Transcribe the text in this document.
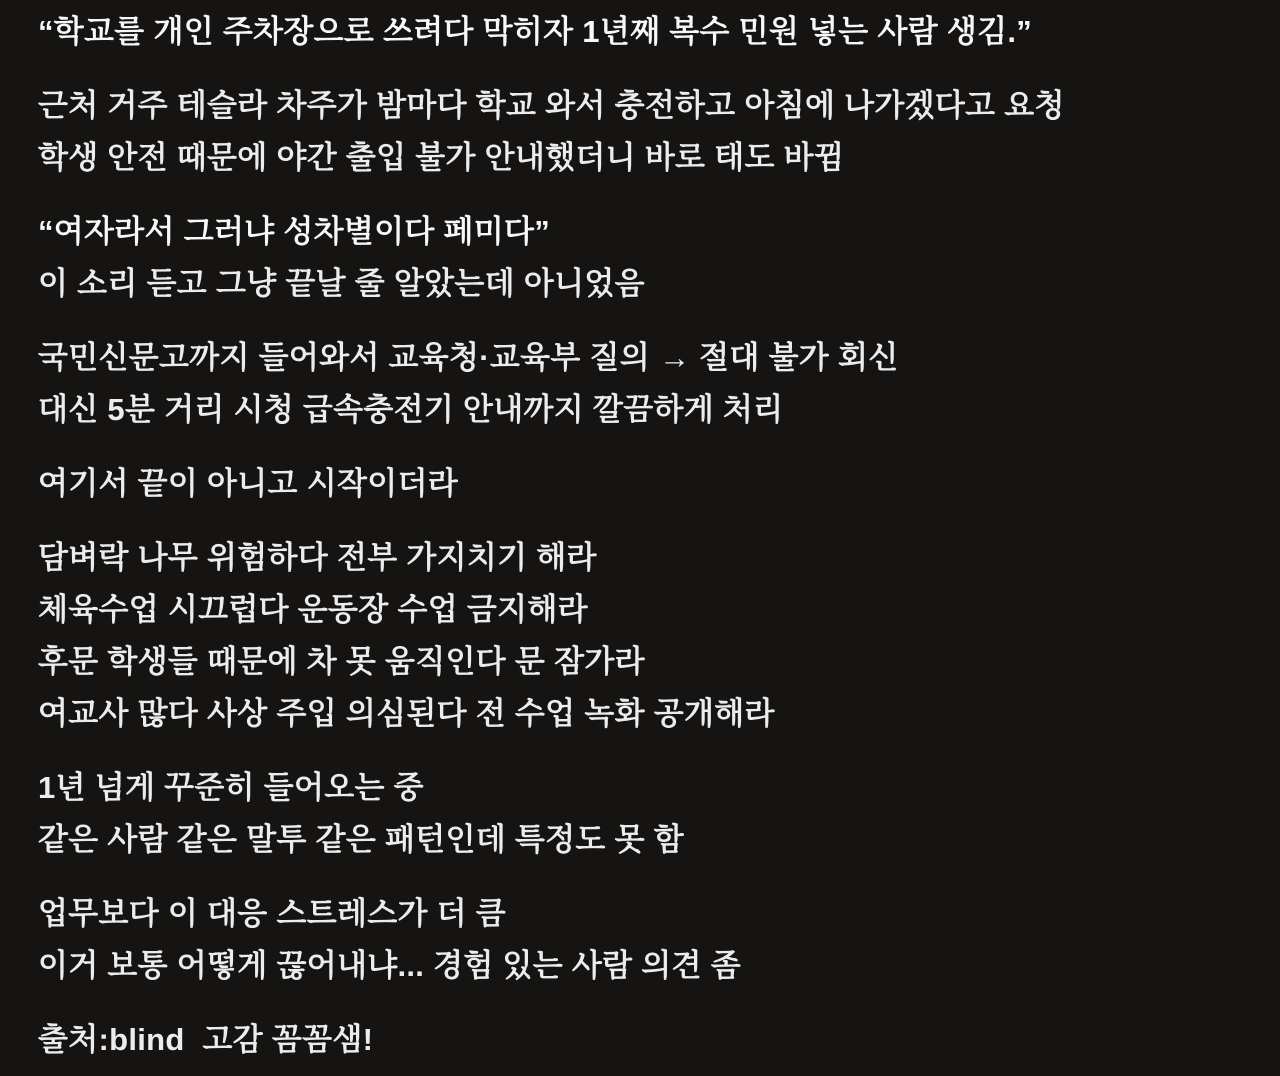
“학교를 개인 주차장으로 쓰려다 막히자 1년째 복수 민원 넣는 사람 생김.”

근처 거주 테슬라 차주가 밤마다 학교 와서 충전하고 아침에 나가겠다고 요청

학생 안전 때문에 야간 출입 불가 안내했더니 바로 태도 바뀜

“여자라서 그러냐 성차별이다 페미다”

이 소리 듣고 그냥 끝날 줄 알았는데 아니었음

국민신문고까지 들어와서 교육청·교육부 질의 → 절대 불가 회신

대신 5분 거리 시청 급속충전기 안내까지 깔끔하게 처리

여기서 끝이 아니고 시작이더라

담벼락 나무 위험하다 전부 가지치기 해라

체육수업 시끄럽다 운동장 수업 금지해라

후문 학생들 때문에 차 못 움직인다 문 잠가라

여교사 많다 사상 주입 의심된다 전 수업 녹화 공개해라

1년 넘게 꾸준히 들어오는 중

같은 사람 같은 말투 같은 패턴인데 특정도 못 함

업무보다 이 대응 스트레스가 더 큼

이거 보통 어떻게 끊어내냐... 경험 있는 사람 의견 좀

출처:blind  고감 꼼꼼샘!
